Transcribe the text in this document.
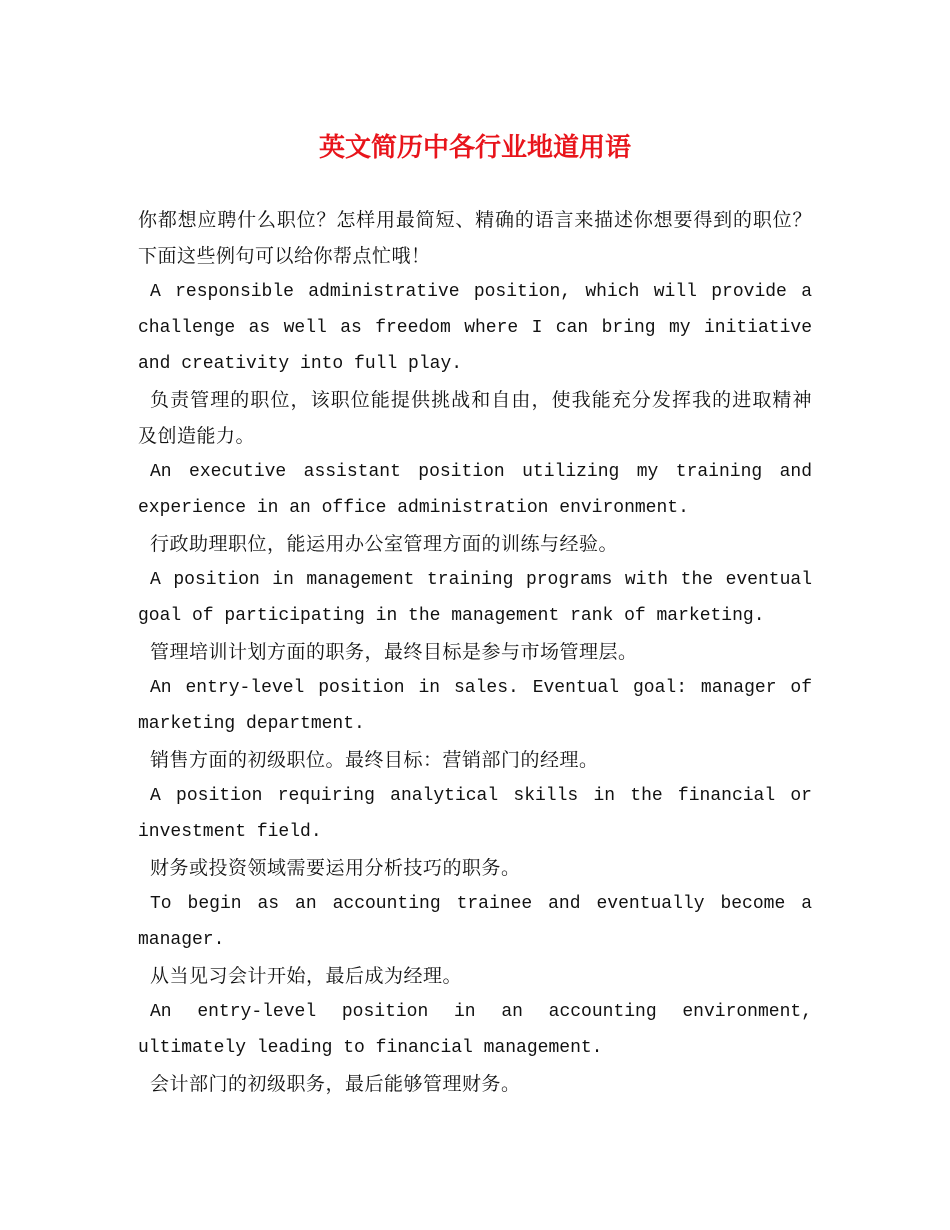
英文简历中各行业地道用语

你都想应聘什么职位？怎样用最简短、精确的语言来描述你想要得到的职位？下面这些例句可以给你帮点忙哦！

A responsible administrative position, which will provide a challenge as well as freedom where I can bring my initiative and creativity into full play.

负责管理的职位，该职位能提供挑战和自由，使我能充分发挥我的进取精神及创造能力。

An executive assistant position utilizing my training and experience in an office administration environment.

行政助理职位，能运用办公室管理方面的训练与经验。

A position in management training programs with the eventual goal of participating in the management rank of marketing.

管理培训计划方面的职务，最终目标是参与市场管理层。

An entry-level position in sales. Eventual goal: manager of marketing department.

销售方面的初级职位。最终目标：营销部门的经理。

A position requiring analytical skills in the financial or investment field.

财务或投资领域需要运用分析技巧的职务。

To begin as an accounting trainee and eventually become a manager.

从当见习会计开始，最后成为经理。

An entry-level position in an accounting environment, ultimately leading to financial management.

会计部门的初级职务，最后能够管理财务。
